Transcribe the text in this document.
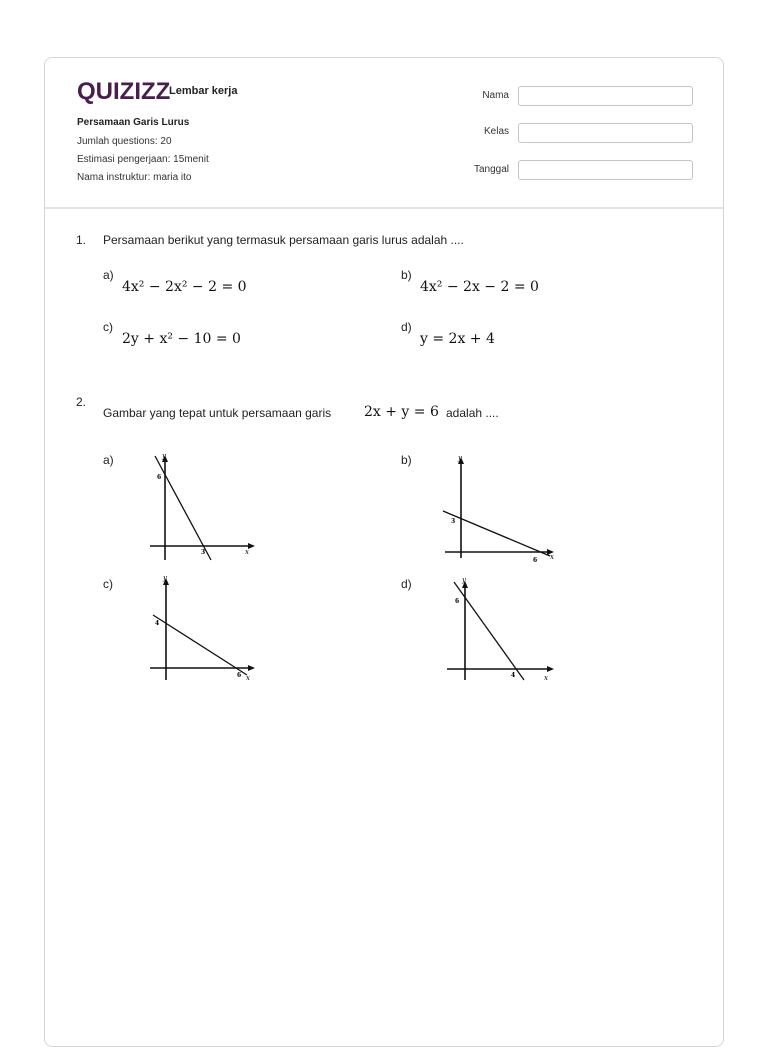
QUIZIZZ
Lembar kerja
Persamaan Garis Lurus
Jumlah questions: 20
Estimasi pengerjaan: 15menit
Nama instruktur: maria ito
Nama
Kelas
Tanggal
1. Persamaan berikut yang termasuk persamaan garis lurus adalah ....
a)
4x² − 2x² − 2 = 0
b)
4x² − 2x − 2 = 0
c)
2y + x² − 10 = 0
d)
y = 2x + 4
2.
Gambar yang tepat untuk persamaan garis 2x + y = 6 adalah ....
a)	b)
c)	d)
y
x
6
3
y
x
3
6
y
x
4
6
y
x
6
4
